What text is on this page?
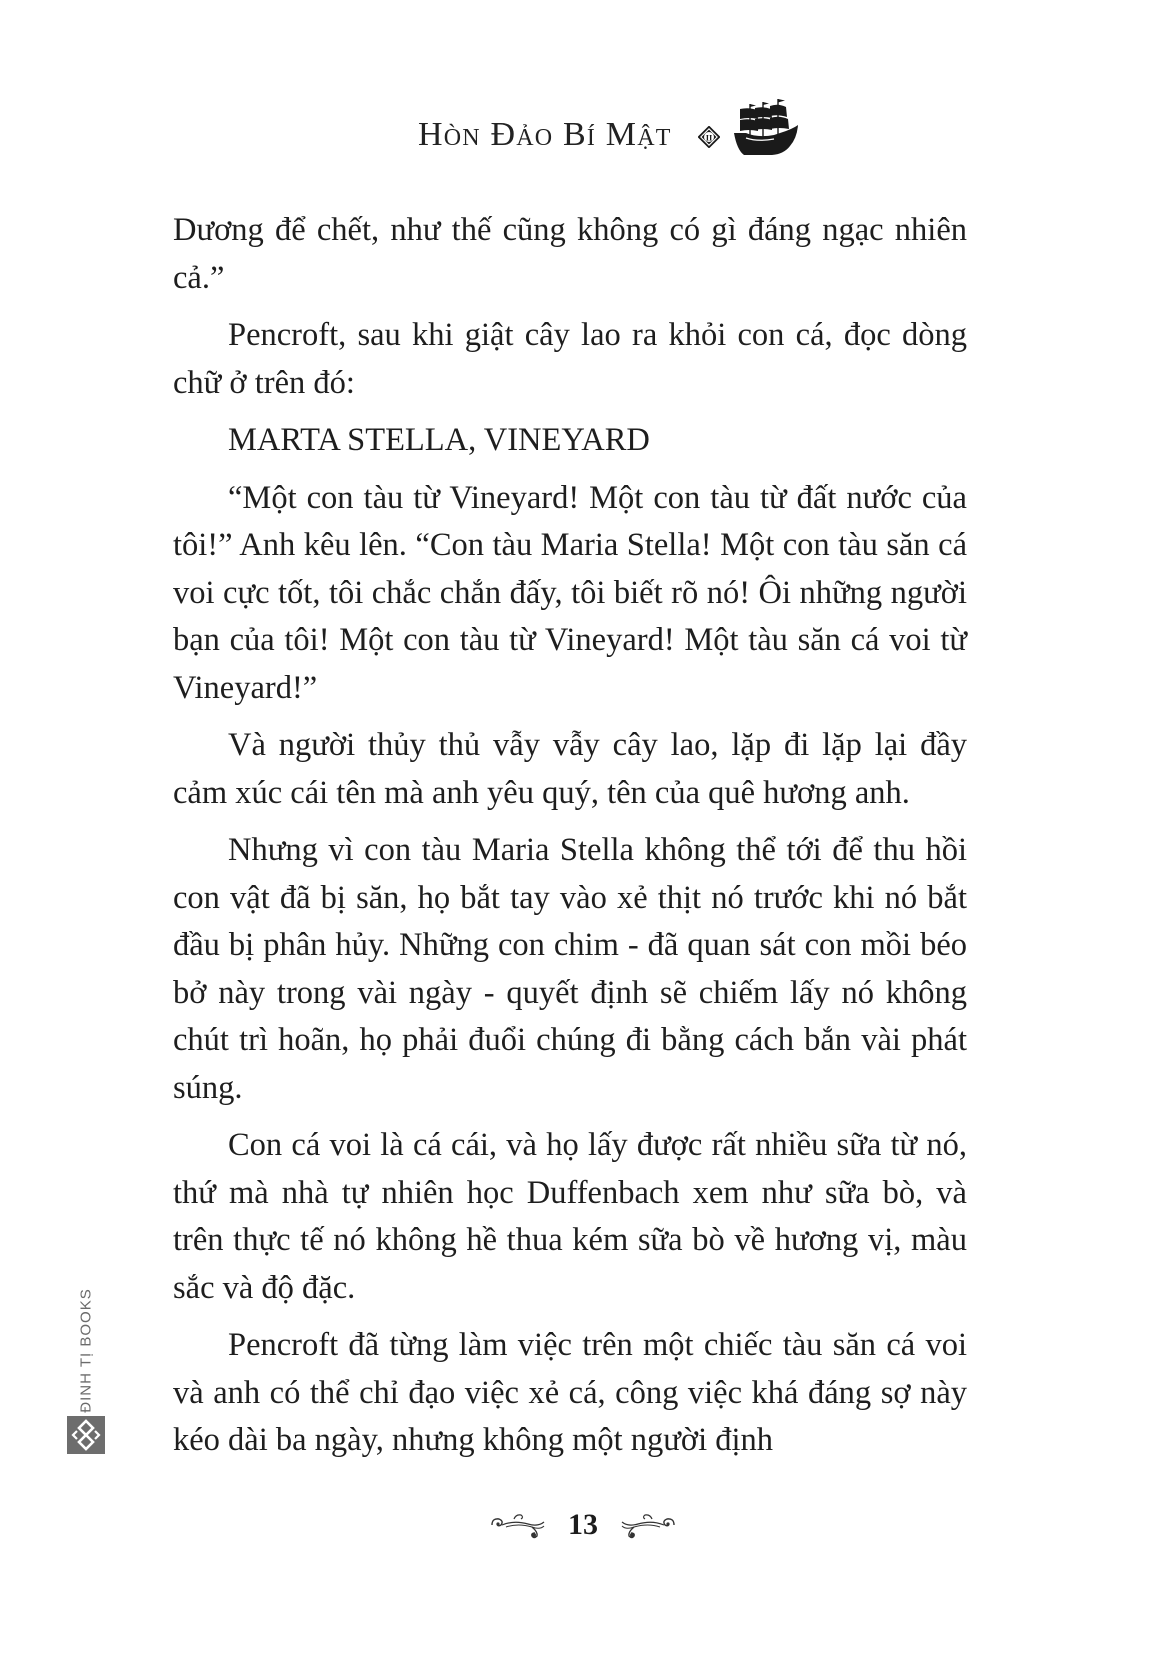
Hòn Đảo Bí Mật	II

Dương để chết, như thế cũng không có gì đáng ngạc nhiên cả.”

Pencroft, sau khi giật cây lao ra khỏi con cá, đọc dòng chữ ở trên đó:

MARTA STELLA, VINEYARD

“Một con tàu từ Vineyard! Một con tàu từ đất nước của tôi!” Anh kêu lên. “Con tàu Maria Stella! Một con tàu săn cá voi cực tốt, tôi chắc chắn đấy, tôi biết rõ nó! Ôi những người bạn của tôi! Một con tàu từ Vineyard! Một tàu săn cá voi từ Vineyard!”

Và người thủy thủ vẫy vẫy cây lao, lặp đi lặp lại đầy cảm xúc cái tên mà anh yêu quý, tên của quê hương anh.

Nhưng vì con tàu Maria Stella không thể tới để thu hồi con vật đã bị săn, họ bắt tay vào xẻ thịt nó trước khi nó bắt đầu bị phân hủy. Những con chim - đã quan sát con mồi béo bở này trong vài ngày - quyết định sẽ chiếm lấy nó không chút trì hoãn, họ phải đuổi chúng đi bằng cách bắn vài phát súng.

Con cá voi là cá cái, và họ lấy được rất nhiều sữa từ nó, thứ mà nhà tự nhiên học Duffenbach xem như sữa bò, và trên thực tế nó không hề thua kém sữa bò về hương vị, màu sắc và độ đặc.

Pencroft đã từng làm việc trên một chiếc tàu săn cá voi và anh có thể chỉ đạo việc xẻ cá, công việc khá đáng sợ này kéo dài ba ngày, nhưng không một người định

ĐINH TỊ BOOKS
13
